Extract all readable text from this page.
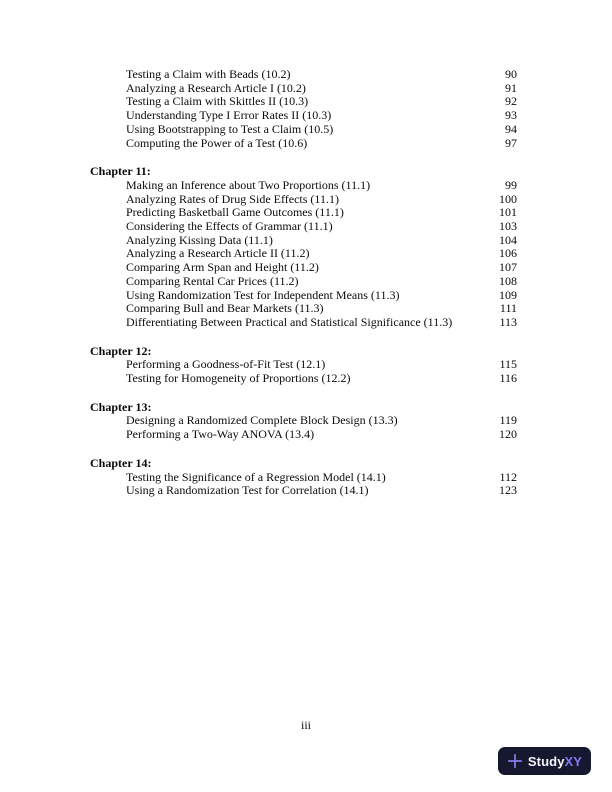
Testing a Claim with Beads (10.2)	90
Analyzing a Research Article I (10.2)	91
Testing a Claim with Skittles II (10.3)	92
Understanding Type I Error Rates II (10.3)	93
Using Bootstrapping to Test a Claim (10.5)	94
Computing the Power of a Test (10.6)	97
Chapter 11:
Making an Inference about Two Proportions (11.1)	99
Analyzing Rates of Drug Side Effects (11.1)	100
Predicting Basketball Game Outcomes (11.1)	101
Considering the Effects of Grammar (11.1)	103
Analyzing Kissing Data (11.1)	104
Analyzing a Research Article II (11.2)	106
Comparing Arm Span and Height (11.2)	107
Comparing Rental Car Prices (11.2)	108
Using Randomization Test for Independent Means (11.3)	109
Comparing Bull and Bear Markets (11.3)	111
Differentiating Between Practical and Statistical Significance (11.3)	113
Chapter 12:
Performing a Goodness-of-Fit Test (12.1)	115
Testing for Homogeneity of Proportions (12.2)	116
Chapter 13:
Designing a Randomized Complete Block Design (13.3)	119
Performing a Two-Way ANOVA (13.4)	120
Chapter 14:
Testing the Significance of a Regression Model (14.1)	112
Using a Randomization Test for Correlation (14.1)	123
iii
StudyXY
